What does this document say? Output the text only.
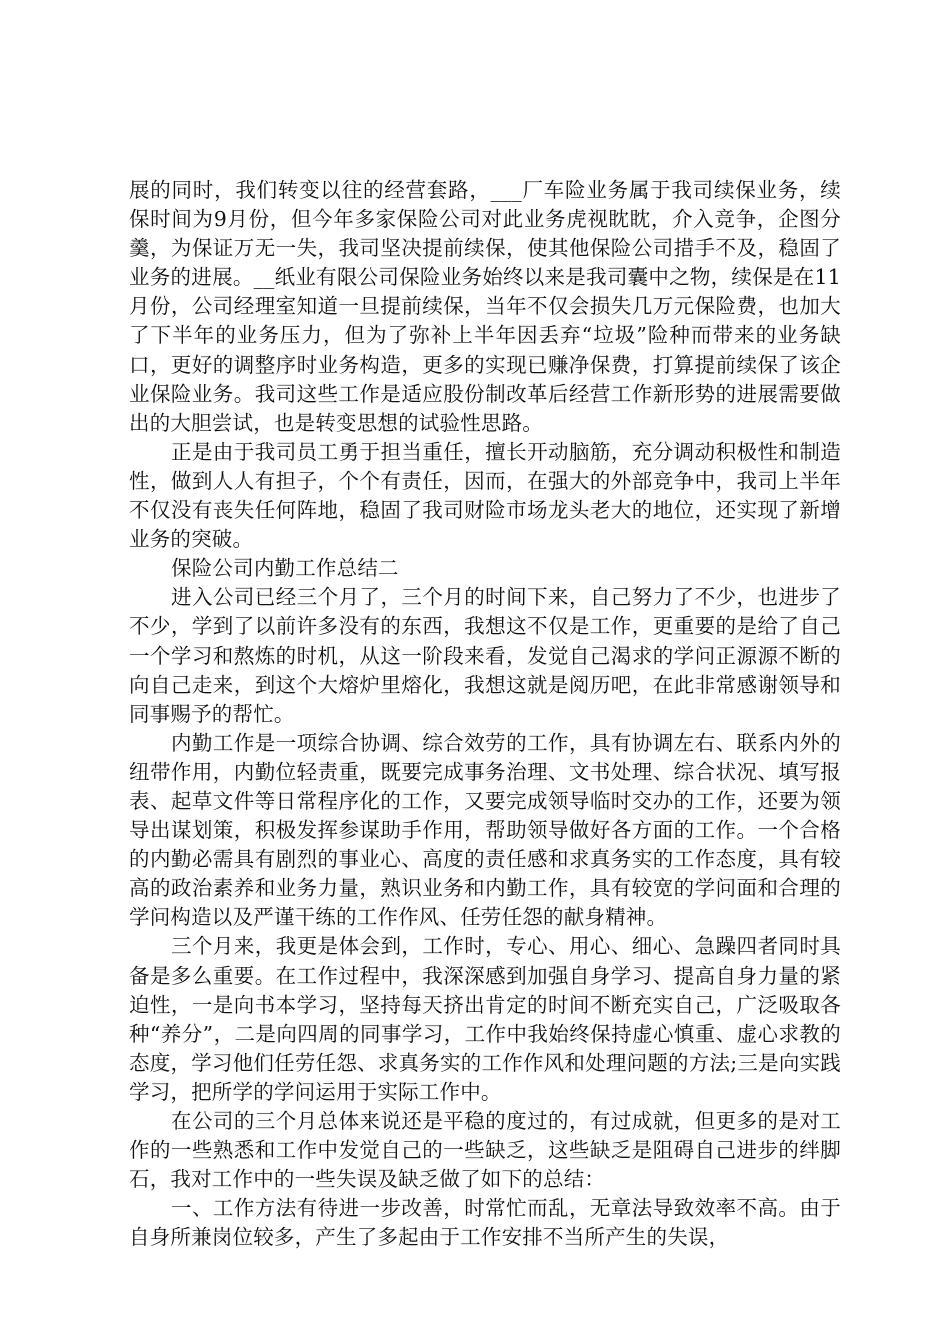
展的同时，我们转变以往的经营套路，___厂车险业务属于我司续保业务，续保时间为9月份，但今年多家保险公司对此业务虎视眈眈，介入竞争，企图分羹，为保证万无一失，我司坚决提前续保，使其他保险公司措手不及，稳固了业务的进展。__纸业有限公司保险业务始终以来是我司囊中之物，续保是在11月份，公司经理室知道一旦提前续保，当年不仅会损失几万元保险费，也加大了下半年的业务压力，但为了弥补上半年因丢弃“垃圾”险种而带来的业务缺口，更好的调整序时业务构造，更多的实现已赚净保费，打算提前续保了该企业保险业务。我司这些工作是适应股份制改革后经营工作新形势的进展需要做出的大胆尝试，也是转变思想的试验性思路。

正是由于我司员工勇于担当重任，擅长开动脑筋，充分调动积极性和制造性，做到人人有担子，个个有责任，因而，在强大的外部竞争中，我司上半年不仅没有丧失任何阵地，稳固了我司财险市场龙头老大的地位，还实现了新增业务的突破。

保险公司内勤工作总结二

进入公司已经三个月了，三个月的时间下来，自己努力了不少，也进步了不少，学到了以前许多没有的东西，我想这不仅是工作，更重要的是给了自己一个学习和熬炼的时机，从这一阶段来看，发觉自己渴求的学问正源源不断的向自己走来，到这个大熔炉里熔化，我想这就是阅历吧，在此非常感谢领导和同事赐予的帮忙。

内勤工作是一项综合协调、综合效劳的工作，具有协调左右、联系内外的纽带作用，内勤位轻责重，既要完成事务治理、文书处理、综合状况、填写报表、起草文件等日常程序化的工作，又要完成领导临时交办的工作，还要为领导出谋划策，积极发挥参谋助手作用，帮助领导做好各方面的工作。一个合格的内勤必需具有剧烈的事业心、高度的责任感和求真务实的工作态度，具有较高的政治素养和业务力量，熟识业务和内勤工作，具有较宽的学问面和合理的学问构造以及严谨干练的工作作风、任劳任怨的献身精神。

三个月来，我更是体会到，工作时，专心、用心、细心、急躁四者同时具备是多么重要。在工作过程中，我深深感到加强自身学习、提高自身力量的紧迫性，一是向书本学习，坚持每天挤出肯定的时间不断充实自己，广泛吸取各种“养分”，二是向四周的同事学习，工作中我始终保持虚心慎重、虚心求教的态度，学习他们任劳任怨、求真务实的工作作风和处理问题的方法;三是向实践学习，把所学的学问运用于实际工作中。

在公司的三个月总体来说还是平稳的度过的，有过成就，但更多的是对工作的一些熟悉和工作中发觉自己的一些缺乏，这些缺乏是阻碍自己进步的绊脚石，我对工作中的一些失误及缺乏做了如下的总结：

一、工作方法有待进一步改善，时常忙而乱，无章法导致效率不高。由于自身所兼岗位较多，产生了多起由于工作安排不当所产生的失误，
